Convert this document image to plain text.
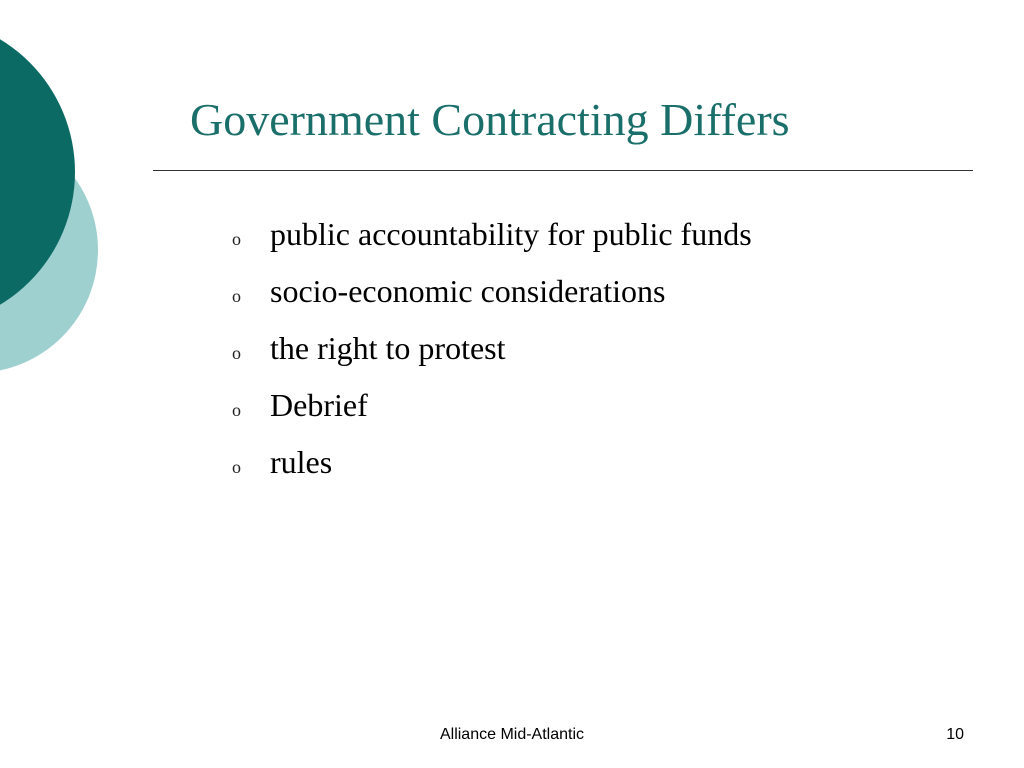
Government Contracting Differs
o public accountability for public funds
o socio-economic considerations
o the right to protest
o Debrief
o rules
Alliance Mid-Atlantic	10
